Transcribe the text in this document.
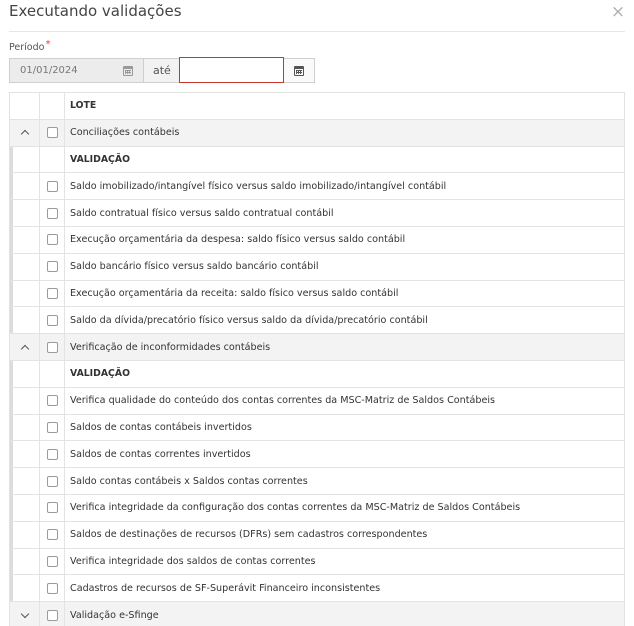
Executando validações	×
Período*
01/01/2024	até
LOTE
Conciliações contábeis
VALIDAÇÃO
Saldo imobilizado/intangível físico versus saldo imobilizado/intangível contábil
Saldo contratual físico versus saldo contratual contábil
Execução orçamentária da despesa: saldo físico versus saldo contábil
Saldo bancário físico versus saldo bancário contábil
Execução orçamentária da receita: saldo físico versus saldo contábil
Saldo da dívida/precatório físico versus saldo da dívida/precatório contábil
Verificação de inconformidades contábeis
VALIDAÇÃO
Verifica qualidade do conteúdo dos contas correntes da MSC-Matriz de Saldos Contábeis
Saldos de contas contábeis invertidos
Saldos de contas correntes invertidos
Saldo contas contábeis x Saldos contas correntes
Verifica integridade da configuração dos contas correntes da MSC-Matriz de Saldos Contábeis
Saldos de destinações de recursos (DFRs) sem cadastros correspondentes
Verifica integridade dos saldos de contas correntes
Cadastros de recursos de SF-Superávit Financeiro inconsistentes
Validação e-Sfinge
